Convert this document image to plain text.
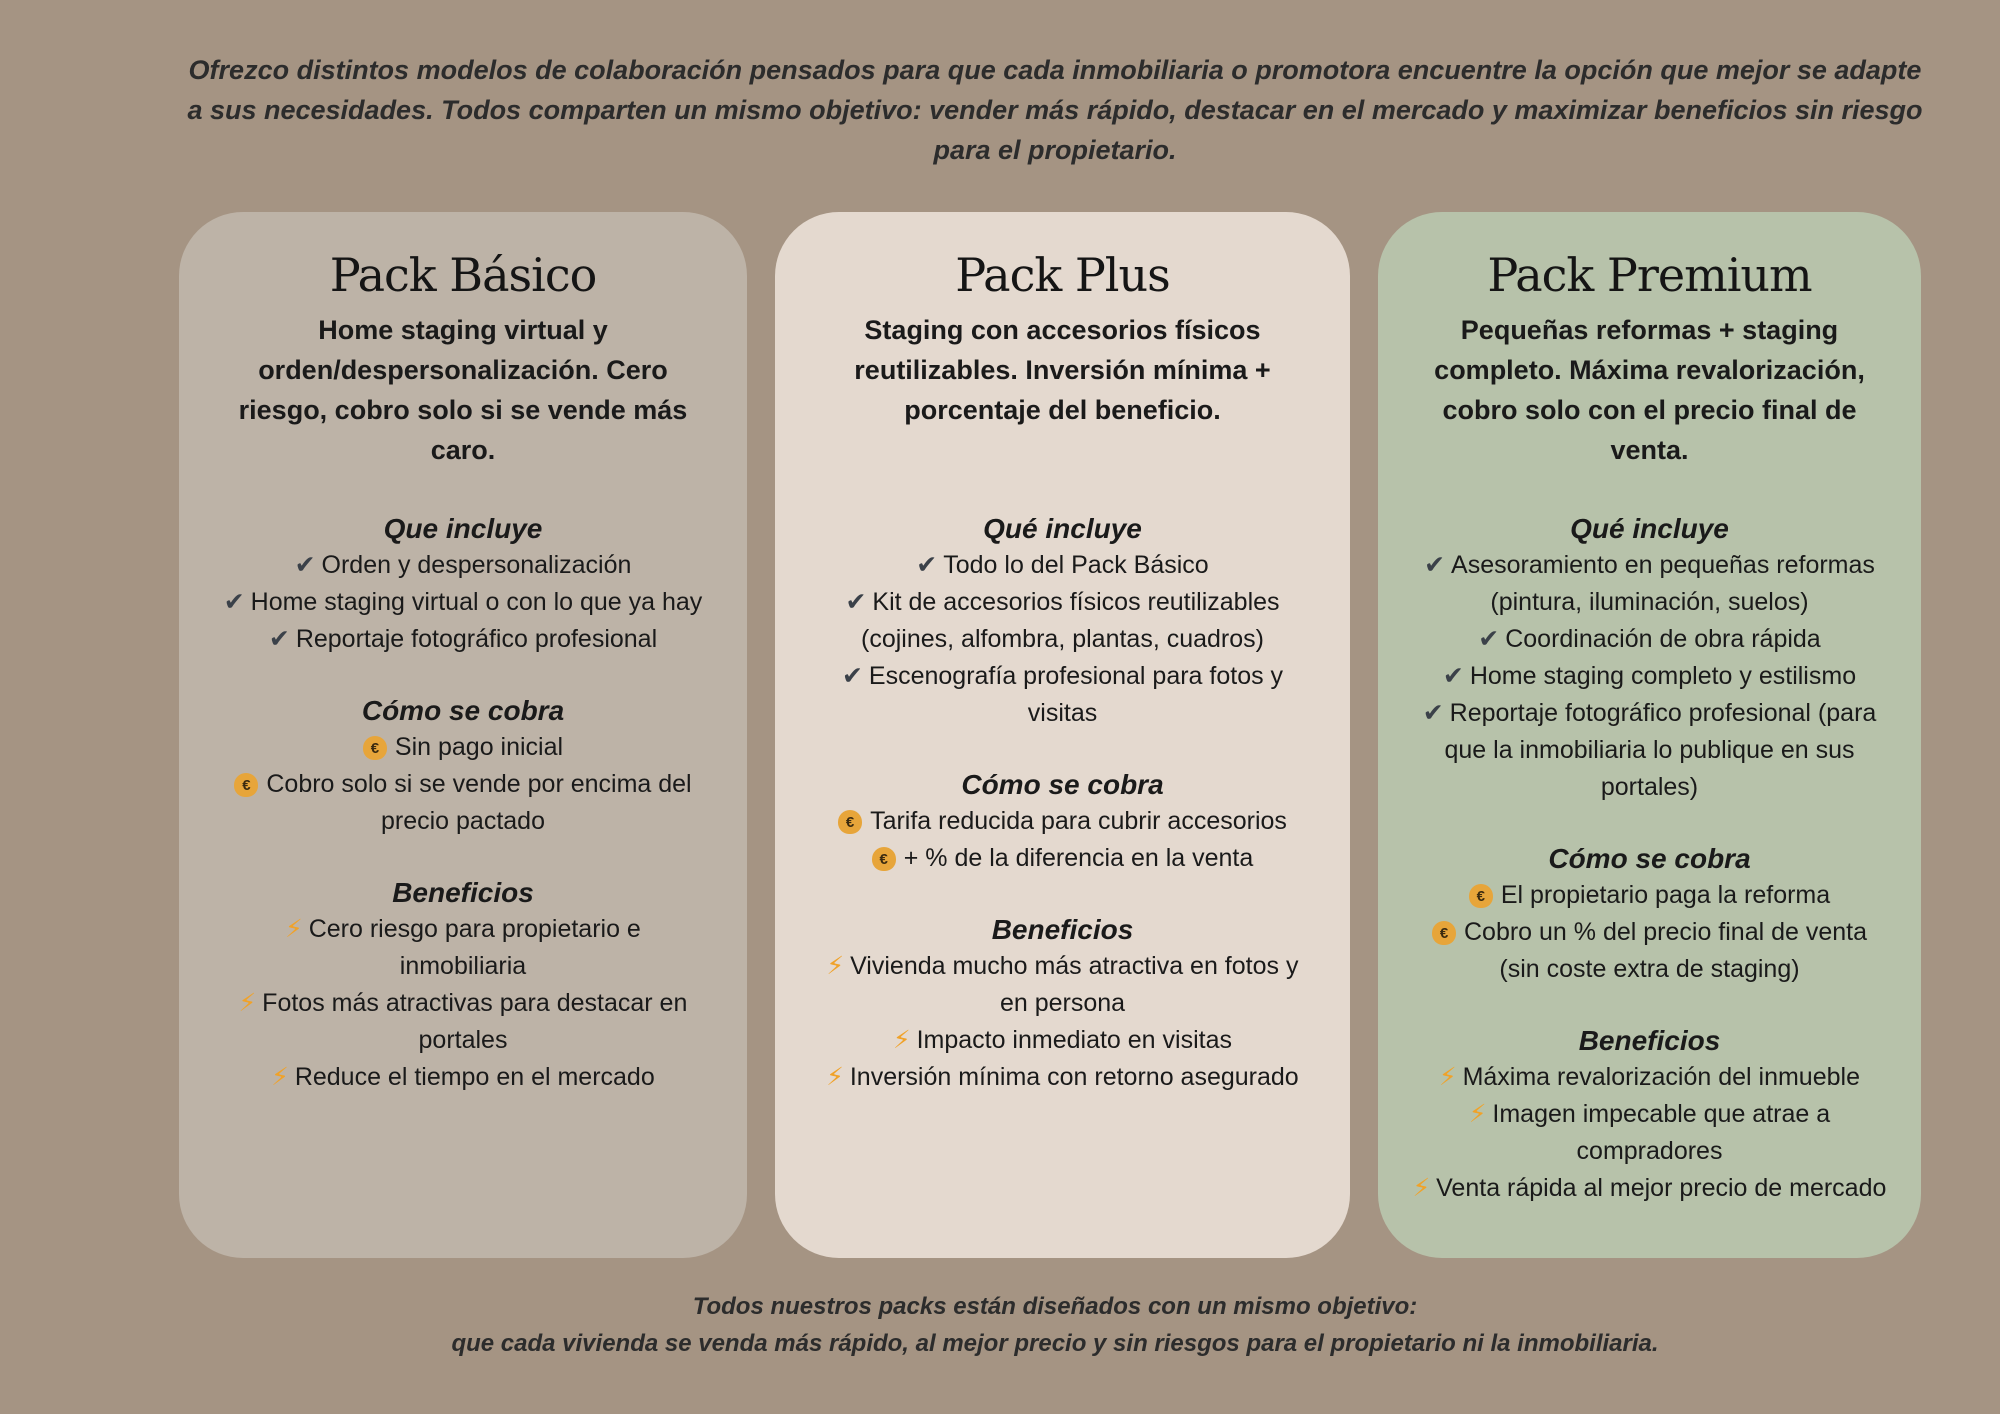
Ofrezco distintos modelos de colaboración pensados para que cada inmobiliaria o promotora encuentre la opción que mejor se adapte a sus necesidades. Todos comparten un mismo objetivo: vender más rápido, destacar en el mercado y maximizar beneficios sin riesgo para el propietario.
Pack Básico
Home staging virtual y orden/despersonalización. Cero riesgo, cobro solo si se vende más caro.
Que incluye
✔ Orden y despersonalización
✔ Home staging virtual o con lo que ya hay
✔ Reportaje fotográfico profesional
Cómo se cobra
€ Sin pago inicial
€ Cobro solo si se vende por encima del precio pactado
Beneficios
⚡ Cero riesgo para propietario e inmobiliaria
⚡ Fotos más atractivas para destacar en portales
⚡ Reduce el tiempo en el mercado
Pack Plus
Staging con accesorios físicos reutilizables. Inversión mínima + porcentaje del beneficio.
Qué incluye
✔ Todo lo del Pack Básico
✔ Kit de accesorios físicos reutilizables (cojines, alfombra, plantas, cuadros)
✔ Escenografía profesional para fotos y visitas
Cómo se cobra
€ Tarifa reducida para cubrir accesorios
€ + % de la diferencia en la venta
Beneficios
⚡ Vivienda mucho más atractiva en fotos y en persona
⚡ Impacto inmediato en visitas
⚡ Inversión mínima con retorno asegurado
Pack Premium
Pequeñas reformas + staging completo. Máxima revalorización, cobro solo con el precio final de venta.
Qué incluye
✔ Asesoramiento en pequeñas reformas (pintura, iluminación, suelos)
✔ Coordinación de obra rápida
✔ Home staging completo y estilismo
✔ Reportaje fotográfico profesional (para que la inmobiliaria lo publique en sus portales)
Cómo se cobra
€ El propietario paga la reforma
€ Cobro un % del precio final de venta (sin coste extra de staging)
Beneficios
⚡ Máxima revalorización del inmueble
⚡ Imagen impecable que atrae a compradores
⚡ Venta rápida al mejor precio de mercado
Todos nuestros packs están diseñados con un mismo objetivo:
que cada vivienda se venda más rápido, al mejor precio y sin riesgos para el propietario ni la inmobiliaria.
